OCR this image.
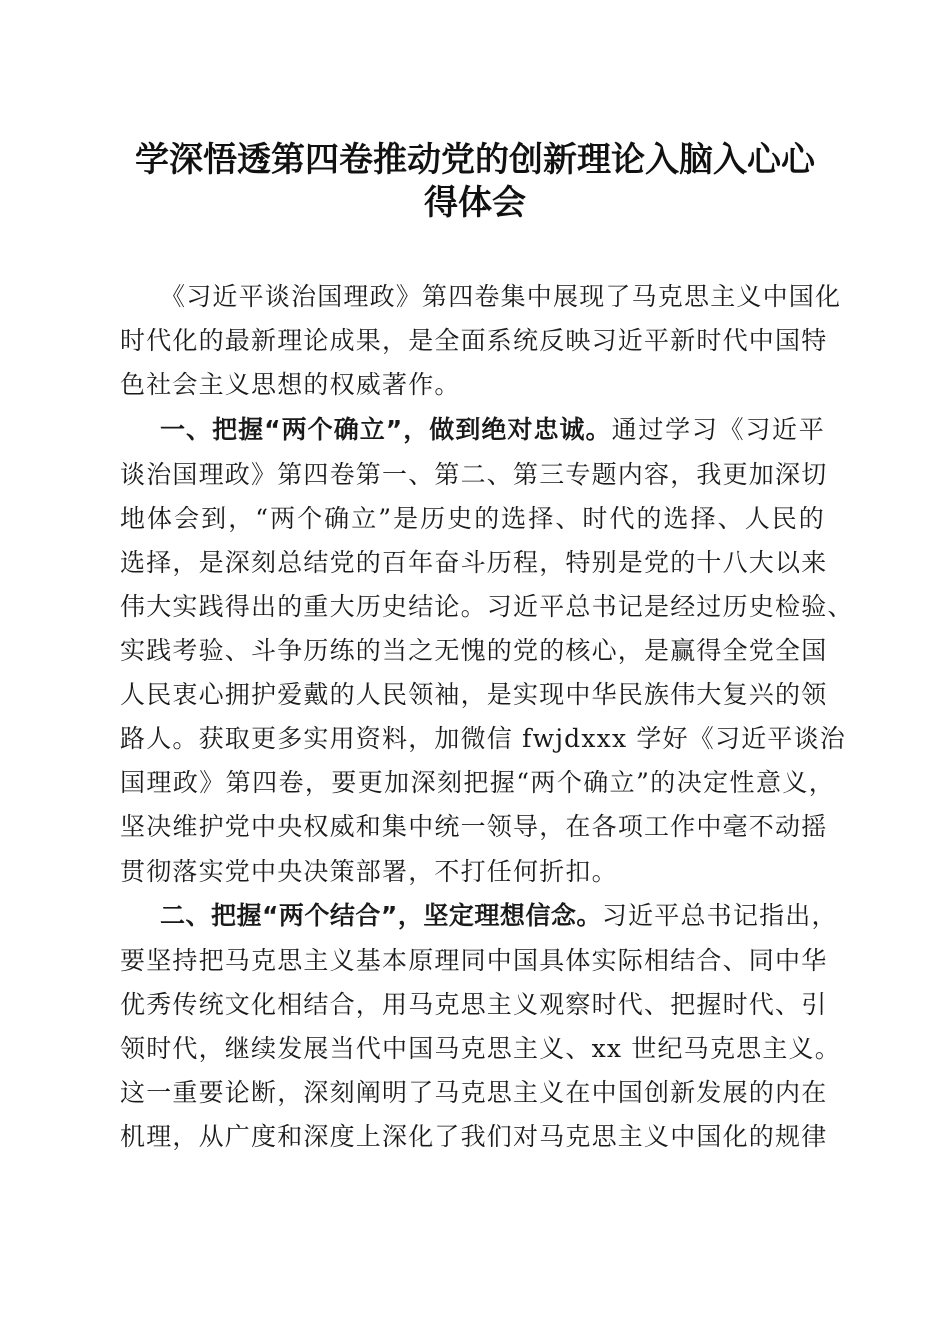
学深悟透第四卷推动党的创新理论入脑入心心
得体会
《习近平谈治国理政》第四卷集中展现了马克思主义中国化
时代化的最新理论成果，是全面系统反映习近平新时代中国特
色社会主义思想的权威著作。
一、把握“两个确立”，做到绝对忠诚。通过学习《习近平
谈治国理政》第四卷第一、第二、第三专题内容，我更加深切
地体会到，“两个确立”是历史的选择、时代的选择、人民的
选择，是深刻总结党的百年奋斗历程，特别是党的十八大以来
伟大实践得出的重大历史结论。习近平总书记是经过历史检验、
实践考验、斗争历练的当之无愧的党的核心，是赢得全党全国
人民衷心拥护爱戴的人民领袖，是实现中华民族伟大复兴的领
路人。获取更多实用资料，加微信 fwjdxxx 学好《习近平谈治
国理政》第四卷，要更加深刻把握“两个确立”的决定性意义，
坚决维护党中央权威和集中统一领导，在各项工作中毫不动摇
贯彻落实党中央决策部署，不打任何折扣。
二、把握“两个结合”，坚定理想信念。习近平总书记指出，
要坚持把马克思主义基本原理同中国具体实际相结合、同中华
优秀传统文化相结合，用马克思主义观察时代、把握时代、引
领时代，继续发展当代中国马克思主义、xx 世纪马克思主义。
这一重要论断，深刻阐明了马克思主义在中国创新发展的内在
机理，从广度和深度上深化了我们对马克思主义中国化的规律
